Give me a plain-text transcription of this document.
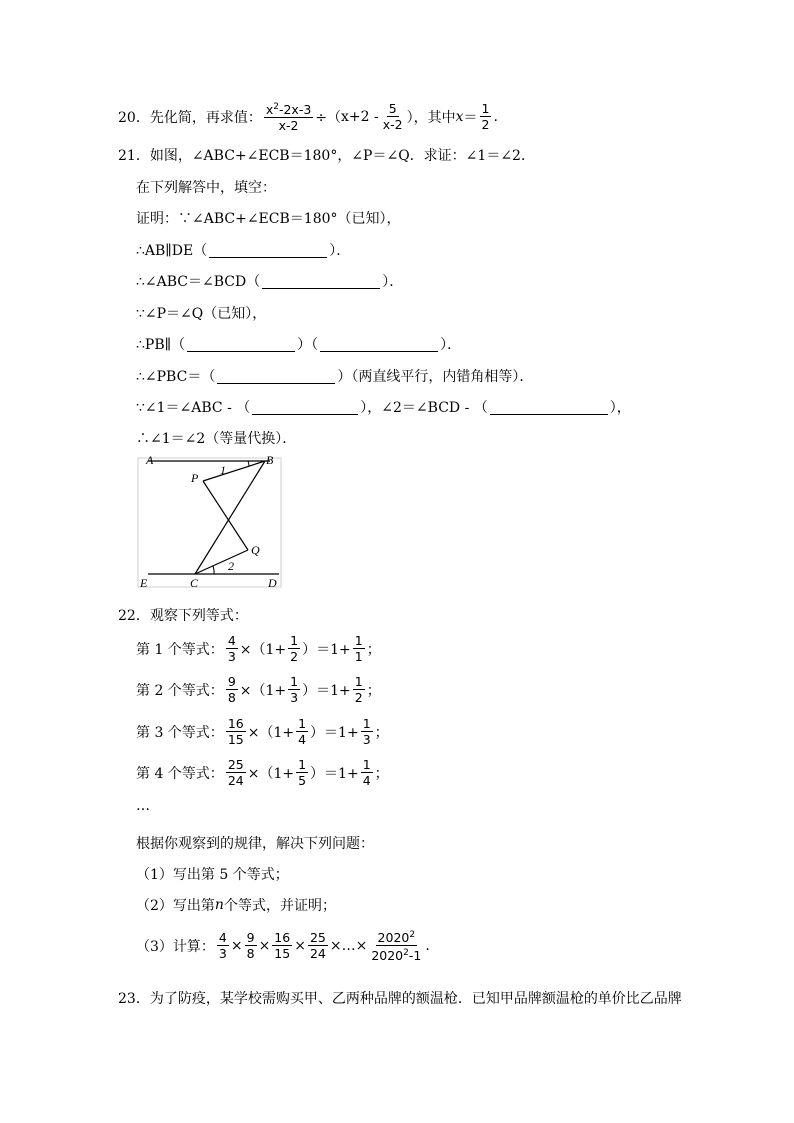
20．先化简，再求值： $\frac{x^2-2x-3}{x-2}$ ÷（ $x+2 - \frac{5}{x-2}$ ），其中 $x = \frac{1}{2}$ .
21．如图，∠ABC+∠ECB＝180°，∠P＝∠Q．求证：∠1＝∠2．
在下列解答中，填空：
证明：∵∠ABC+∠ECB＝180°（已知），
∴AB∥DE（	）．
∴∠ABC＝∠BCD（	）．
∵∠P＝∠Q（已知），
∴PB∥（	）（	）．
∴∠PBC＝（	）（两直线平行，内错角相等）．
∵∠1＝∠ABC - （	），∠2＝∠BCD - （	），
∴∠1＝∠2（等量代换）．
A	B
P
1
Q
2
E	C	D
22．观察下列等式：
第 1 个等式： $\frac{4}{3} \times(1+ \frac{1}{2} )=1+ \frac{1}{1}$ ；
第 2 个等式： $\frac{9}{8} \times(1+ \frac{1}{3} )=1+ \frac{1}{2}$ ；
第 3 个等式： $\frac{16}{15} \times(1+ \frac{1}{4} )=1+ \frac{1}{3}$ ；
第 4 个等式： $\frac{25}{24} \times(1+ \frac{1}{5} )=1+ \frac{1}{4}$ ；
…
根据你观察到的规律，解决下列问题：
（1）写出第 5 个等式；
（2）写出第 n 个等式，并证明；
（3）计算： $\frac{4}{3} \times \frac{9}{8} \times \frac{16}{15} \times \frac{25}{24}$ ×…× $\frac{2020^2}{2020^2-1}$ .
23．为了防疫，某学校需购买甲、乙两种品牌的额温枪．已知甲品牌额温枪的单价比乙品牌
